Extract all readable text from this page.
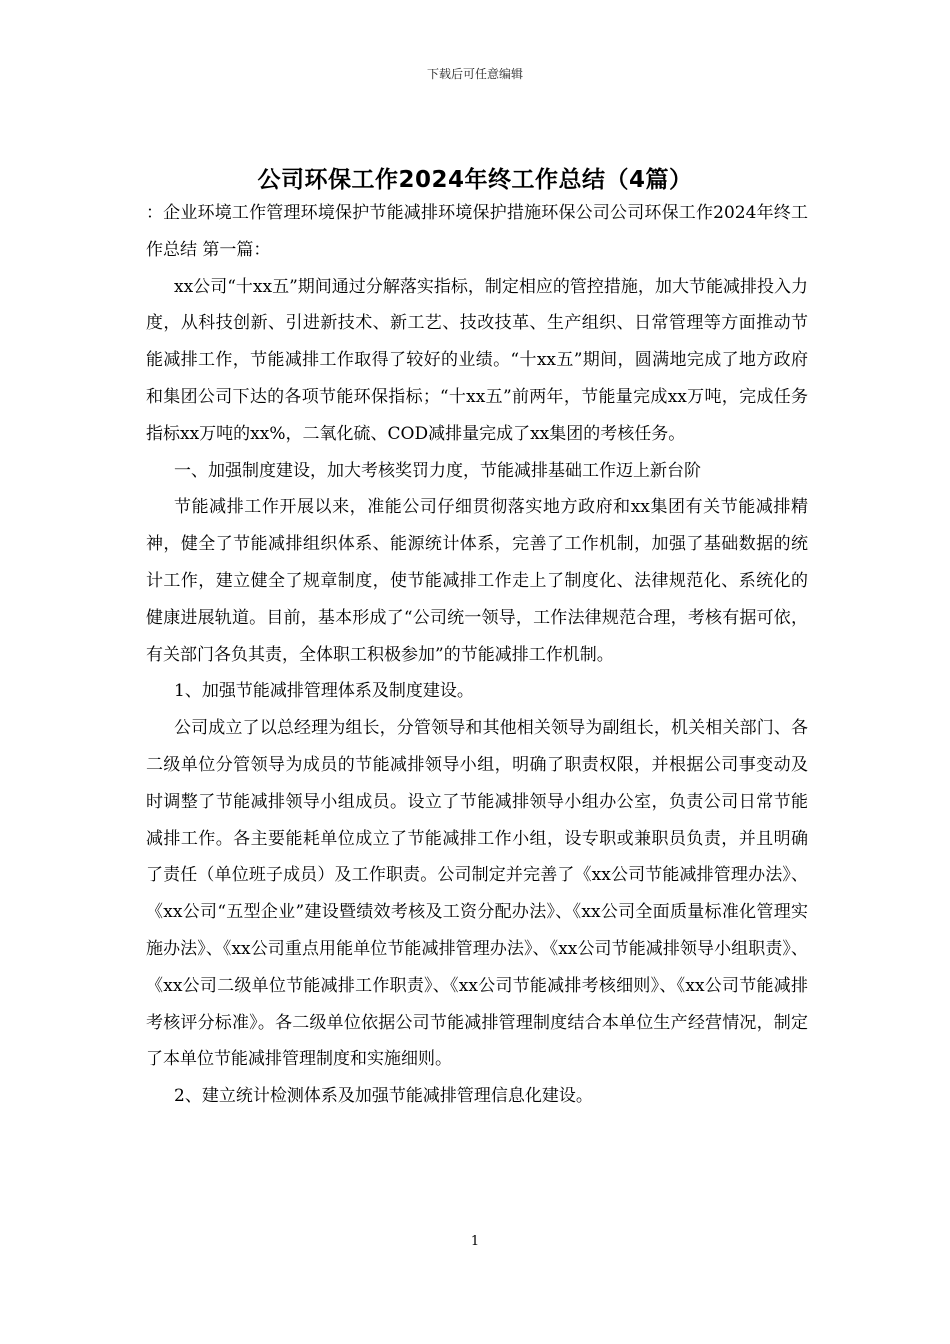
下载后可任意编辑
公司环保工作2024年终工作总结（4篇）

：企业环境工作管理环境保护节能减排环境保护措施环保公司公司环保工作2024年终工作总结 第一篇：

xx公司“十xx五”期间通过分解落实指标，制定相应的管控措施，加大节能减排投入力度，从科技创新、引进新技术、新工艺、技改技革、生产组织、日常管理等方面推动节能减排工作，节能减排工作取得了较好的业绩。“十xx五”期间，圆满地完成了地方政府和集团公司下达的各项节能环保指标；“十xx五”前两年，节能量完成xx万吨，完成任务指标xx万吨的xx%，二氧化硫、COD减排量完成了xx集团的考核任务。

一、加强制度建设，加大考核奖罚力度，节能减排基础工作迈上新台阶

节能减排工作开展以来，准能公司仔细贯彻落实地方政府和xx集团有关节能减排精神，健全了节能减排组织体系、能源统计体系，完善了工作机制，加强了基础数据的统计工作，建立健全了规章制度，使节能减排工作走上了制度化、法律规范化、系统化的健康进展轨道。目前，基本形成了“公司统一领导，工作法律规范合理，考核有据可依，有关部门各负其责，全体职工积极参加”的节能减排工作机制。

1、加强节能减排管理体系及制度建设。

公司成立了以总经理为组长，分管领导和其他相关领导为副组长，机关相关部门、各二级单位分管领导为成员的节能减排领导小组，明确了职责权限，并根据公司事变动及时调整了节能减排领导小组成员。设立了节能减排领导小组办公室，负责公司日常节能减排工作。各主要能耗单位成立了节能减排工作小组，设专职或兼职员负责，并且明确了责任（单位班子成员）及工作职责。公司制定并完善了《xx公司节能减排管理办法》、《xx公司“五型企业”建设暨绩效考核及工资分配办法》、《xx公司全面质量标准化管理实施办法》、《xx公司重点用能单位节能减排管理办法》、《xx公司节能减排领导小组职责》、《xx公司二级单位节能减排工作职责》、《xx公司节能减排考核细则》、《xx公司节能减排考核评分标准》。各二级单位依据公司节能减排管理制度结合本单位生产经营情况，制定了本单位节能减排管理制度和实施细则。

2、建立统计检测体系及加强节能减排管理信息化建设。

1
